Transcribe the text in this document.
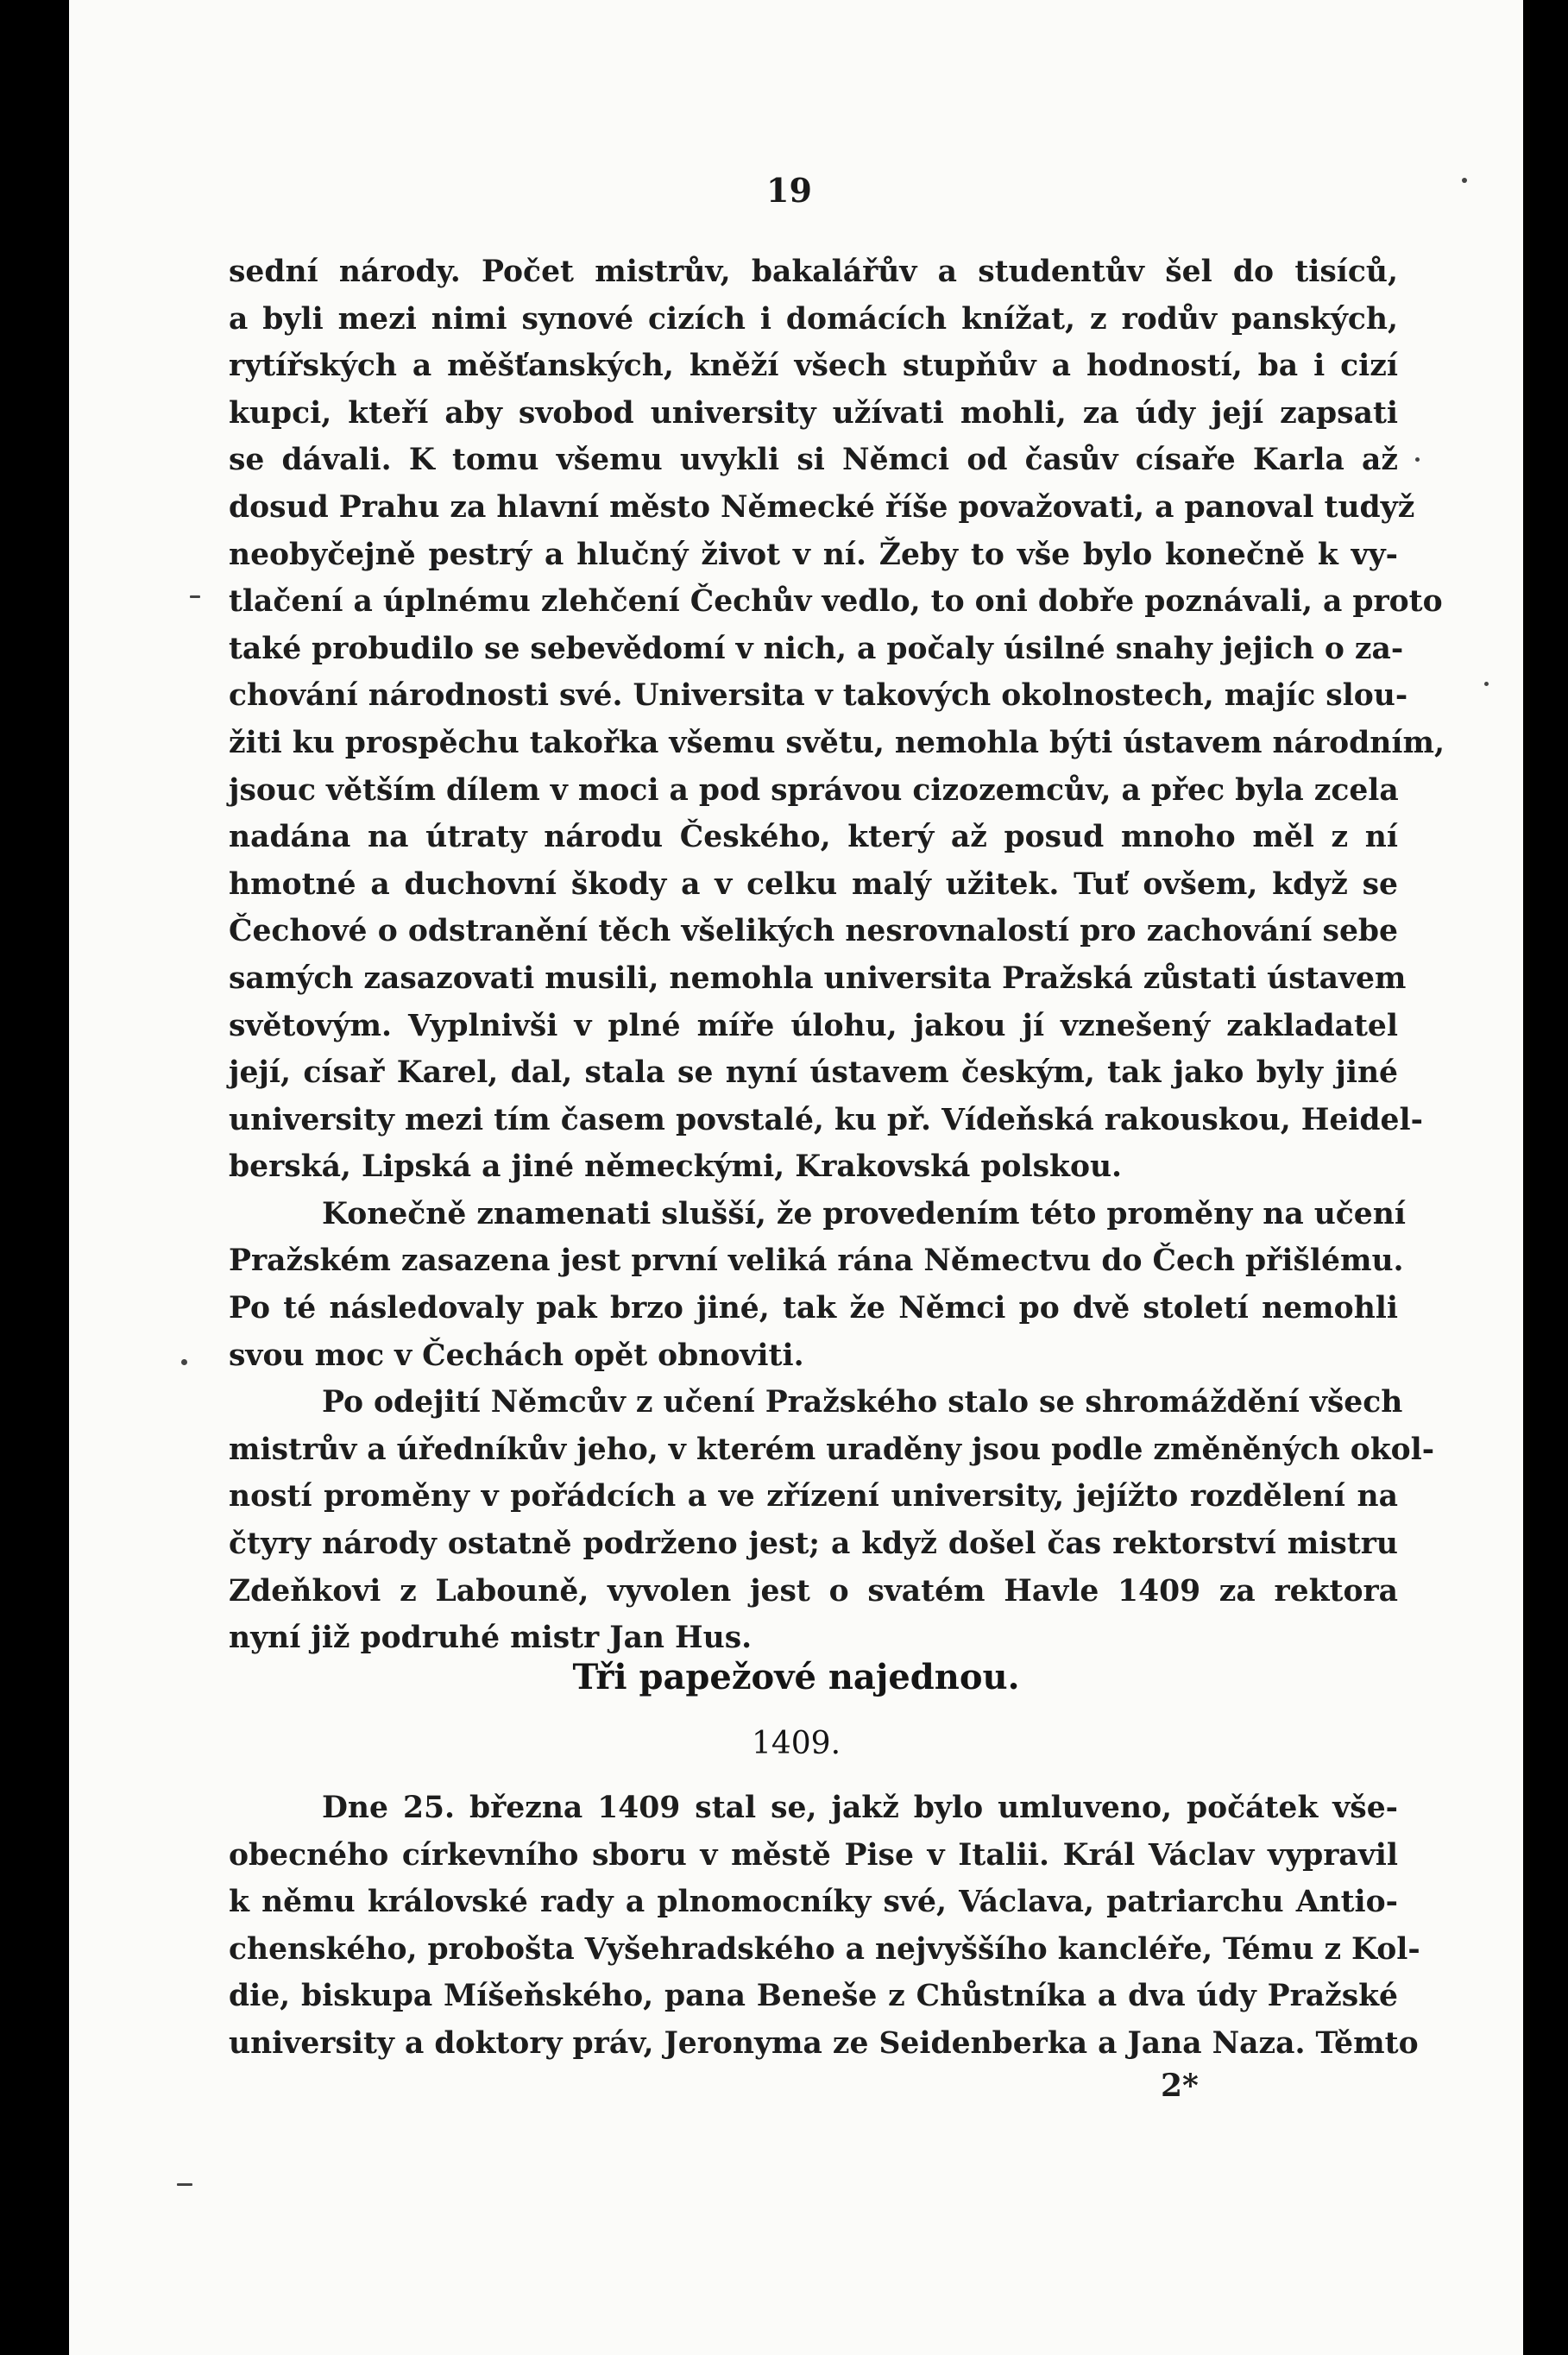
19
sední národy. Počet mistrův, bakalářův a studentův šel do tisíců,
a byli mezi nimi synové cizích i domácích knížat, z rodův panských,
rytířských a měšťanských, kněží všech stupňův a hodností, ba i cizí
kupci, kteří aby svobod university užívati mohli, za údy její zapsati
se dávali. K tomu všemu uvykli si Němci od časův císaře Karla až
dosud Prahu za hlavní město Německé říše považovati, a panoval tudyž
neobyčejně pestrý a hlučný život v ní. Žeby to vše bylo konečně k vy-
tlačení a úplnému zlehčení Čechův vedlo, to oni dobře poznávali, a proto
také probudilo se sebevědomí v nich, a počaly úsilné snahy jejich o za-
chování národnosti své. Universita v takových okolnostech, majíc slou-
žiti ku prospěchu takořka všemu světu, nemohla býti ústavem národním,
jsouc větším dílem v moci a pod správou cizozemcův, a přec byla zcela
nadána na útraty národu Českého, který až posud mnoho měl z ní
hmotné a duchovní škody a v celku malý užitek. Tuť ovšem, když se
Čechové o odstranění těch všelikých nesrovnalostí pro zachování sebe
samých zasazovati musili, nemohla universita Pražská zůstati ústavem
světovým. Vyplnivši v plné míře úlohu, jakou jí vznešený zakladatel
její, císař Karel, dal, stala se nyní ústavem českým, tak jako byly jiné
university mezi tím časem povstalé, ku př. Vídeňská rakouskou, Heidel-
berská, Lipská a jiné německými, Krakovská polskou.
Konečně znamenati slušší, že provedením této proměny na učení
Pražském zasazena jest první veliká rána Němectvu do Čech přišlému.
Po té následovaly pak brzo jiné, tak že Němci po dvě století nemohli
svou moc v Čechách opět obnoviti.
Po odejití Němcův z učení Pražského stalo se shromáždění všech
mistrův a úředníkův jeho, v kterém uraděny jsou podle změněných okol-
ností proměny v pořádcích a ve zřízení university, jejížto rozdělení na
čtyry národy ostatně podrženo jest; a když došel čas rektorství mistru
Zdeňkovi z Labouně, vyvolen jest o svatém Havle 1409 za rektora
nyní již podruhé mistr Jan Hus.
Tři papežové najednou.
1409.
Dne 25. března 1409 stal se, jakž bylo umluveno, počátek vše-
obecného církevního sboru v městě Pise v Italii. Král Václav vypravil
k němu královské rady a plnomocníky své, Václava, patriarchu Antio-
chenského, probošta Vyšehradského a nejvyššího kancléře, Tému z Kol-
die, biskupa Míšeňského, pana Beneše z Chůstníka a dva údy Pražské
university a doktory práv, Jeronyma ze Seidenberka a Jana Naza. Těmto
2*
